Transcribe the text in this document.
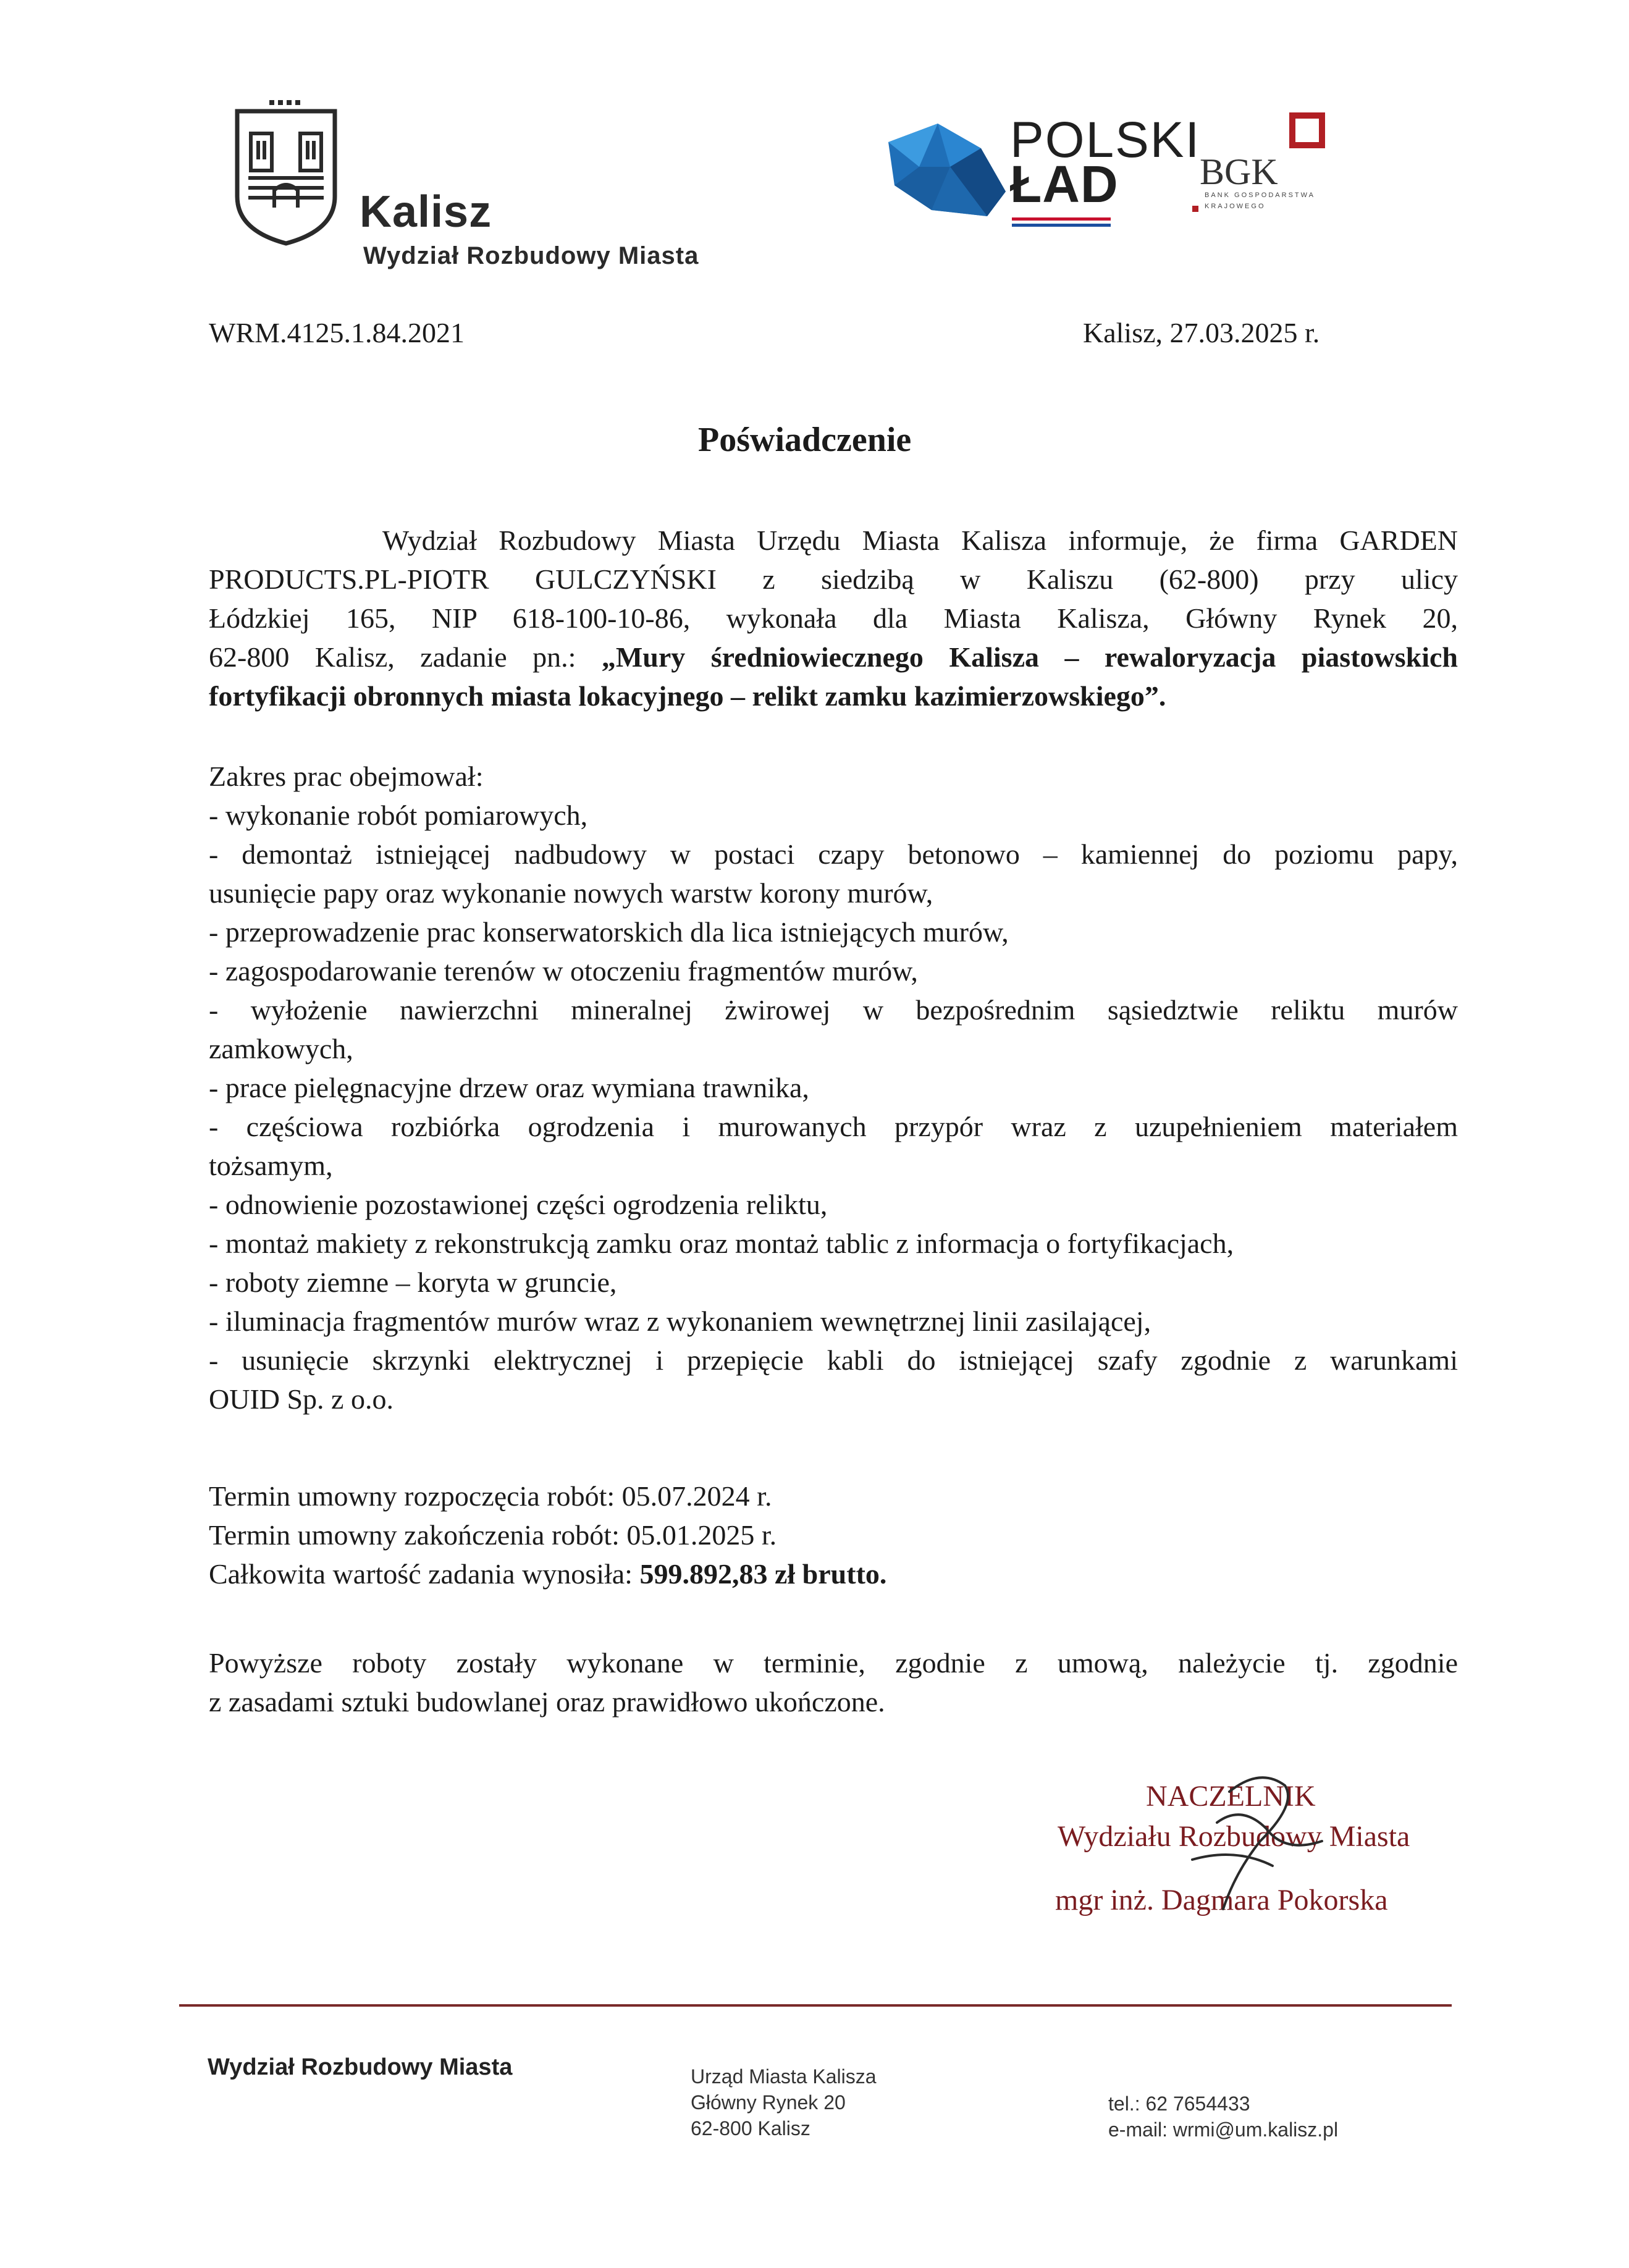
Kalisz
Wydział Rozbudowy Miasta
POLSKI
ŁAD BGK
BANK GOSPODARSTWA
KRAJOWEGO
WRM.4125.1.84.2021	Kalisz, 27.03.2025 r.
Poświadczenie
Wydział Rozbudowy Miasta Urzędu Miasta Kalisza informuje, że firma GARDEN
PRODUCTS.PL-PIOTR GULCZYŃSKI z siedzibą w Kaliszu (62-800) przy ulicy
Łódzkiej 165, NIP 618-100-10-86, wykonała dla Miasta Kalisza, Główny Rynek 20,
62-800 Kalisz, zadanie pn.: „Mury średniowiecznego Kalisza – rewaloryzacja piastowskich
fortyfikacji obronnych miasta lokacyjnego – relikt zamku kazimierzowskiego”.
Zakres prac obejmował:
- wykonanie robót pomiarowych,
- demontaż istniejącej nadbudowy w postaci czapy betonowo – kamiennej do poziomu papy,
usunięcie papy oraz wykonanie nowych warstw korony murów,
- przeprowadzenie prac konserwatorskich dla lica istniejących murów,
- zagospodarowanie terenów w otoczeniu fragmentów murów,
- wyłożenie nawierzchni mineralnej żwirowej w bezpośrednim sąsiedztwie reliktu murów
zamkowych,
- prace pielęgnacyjne drzew oraz wymiana trawnika,
- częściowa rozbiórka ogrodzenia i murowanych przypór wraz z uzupełnieniem materiałem
tożsamym,
- odnowienie pozostawionej części ogrodzenia reliktu,
- montaż makiety z rekonstrukcją zamku oraz montaż tablic z informacja o fortyfikacjach,
- roboty ziemne – koryta w gruncie,
- iluminacja fragmentów murów wraz z wykonaniem wewnętrznej linii zasilającej,
- usunięcie skrzynki elektrycznej i przepięcie kabli do istniejącej szafy zgodnie z warunkami
OUID Sp. z o.o.
Termin umowny rozpoczęcia robót: 05.07.2024 r.
Termin umowny zakończenia robót: 05.01.2025 r.
Całkowita wartość zadania wynosiła: 599.892,83 zł brutto.
Powyższe roboty zostały wykonane w terminie, zgodnie z umową, należycie tj. zgodnie
z zasadami sztuki budowlanej oraz prawidłowo ukończone.
NACZELNIK
Wydziału Rozbudowy Miasta
mgr inż. Dagmara Pokorska
Wydział Rozbudowy Miasta	Urząd Miasta Kalisza
Główny Rynek 20
62-800 Kalisz
tel.: 62 7654433
e-mail: wrmi@um.kalisz.pl
